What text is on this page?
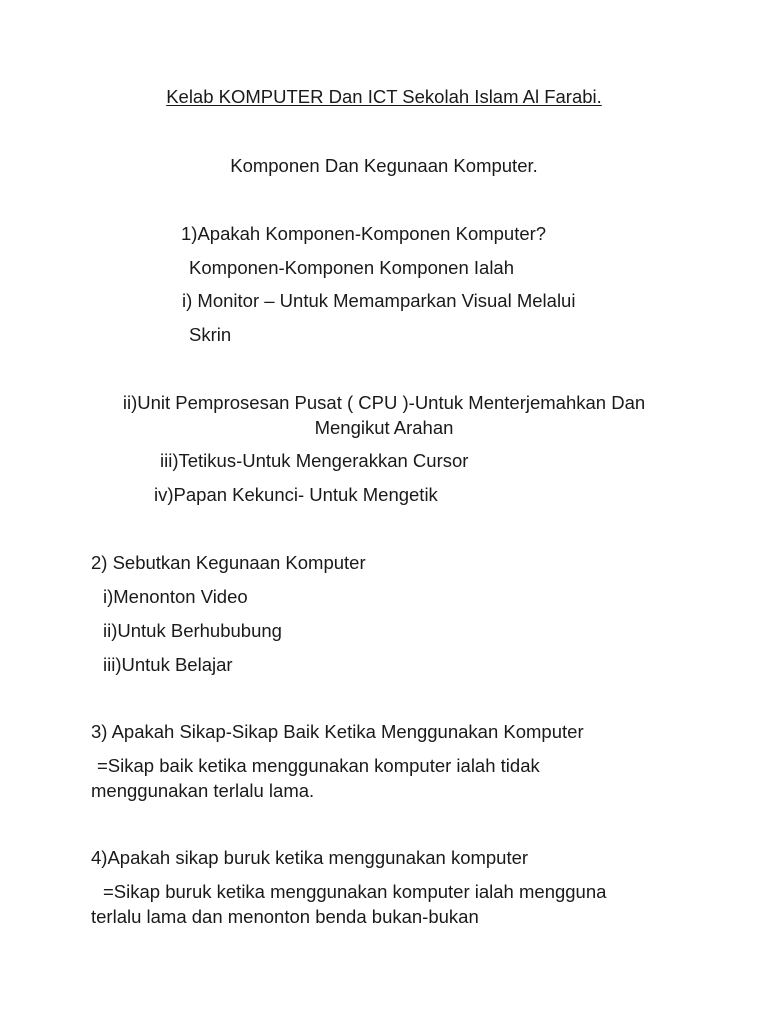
Kelab KOMPUTER Dan ICT Sekolah Islam Al Farabi.
Komponen Dan Kegunaan Komputer.
1)Apakah Komponen-Komponen Komputer?
Komponen-Komponen Komponen Ialah
i) Monitor – Untuk Memamparkan Visual Melalui
Skrin
ii)Unit Pemprosesan Pusat ( CPU )-Untuk Menterjemahkan Dan
Mengikut Arahan
iii)Tetikus-Untuk Mengerakkan Cursor
iv)Papan Kekunci- Untuk Mengetik
2) Sebutkan Kegunaan Komputer
i)Menonton Video
ii)Untuk Berhububung
iii)Untuk Belajar
3) Apakah Sikap-Sikap Baik Ketika Menggunakan Komputer
=Sikap baik ketika menggunakan komputer ialah tidak
menggunakan terlalu lama.
4)Apakah sikap buruk ketika menggunakan komputer
=Sikap buruk ketika menggunakan komputer ialah mengguna
terlalu lama dan menonton benda bukan-bukan
